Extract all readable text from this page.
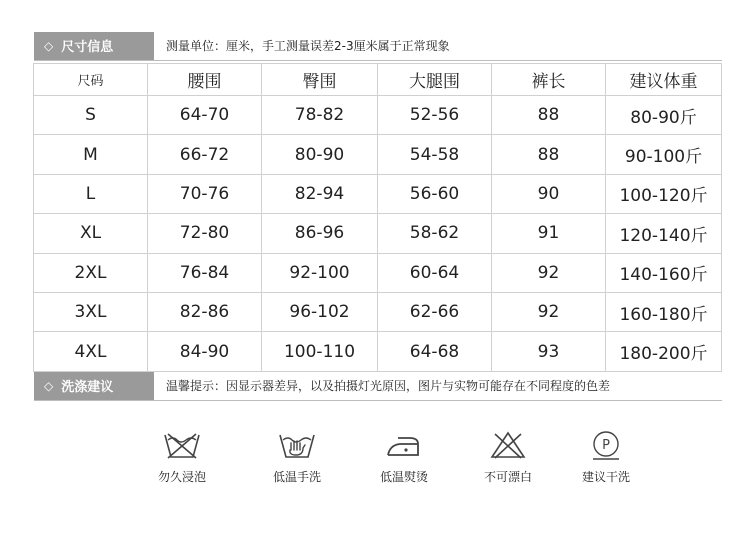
◇ 尺寸信息	测量单位：厘米，手工测量误差2-3厘米属于正常现象
尺码	腰围	臀围	大腿围	裤长	建议体重
S	64-70	78-82	52-56	88	80-90斤
M	66-72	80-90	54-58	88	90-100斤
L	70-76	82-94	56-60	90	100-120斤
XL	72-80	86-96	58-62	91	120-140斤
2XL	76-84	92-100	60-64	92	140-160斤
3XL	82-86	96-102	62-66	92	160-180斤
4XL	84-90	100-110	64-68	93	180-200斤
◇ 洗涤建议	温馨提示：因显示器差异，以及拍摄灯光原因，图片与实物可能存在不同程度的色差
勿久浸泡	低温手洗	低温熨烫	不可漂白
P
建议干洗
